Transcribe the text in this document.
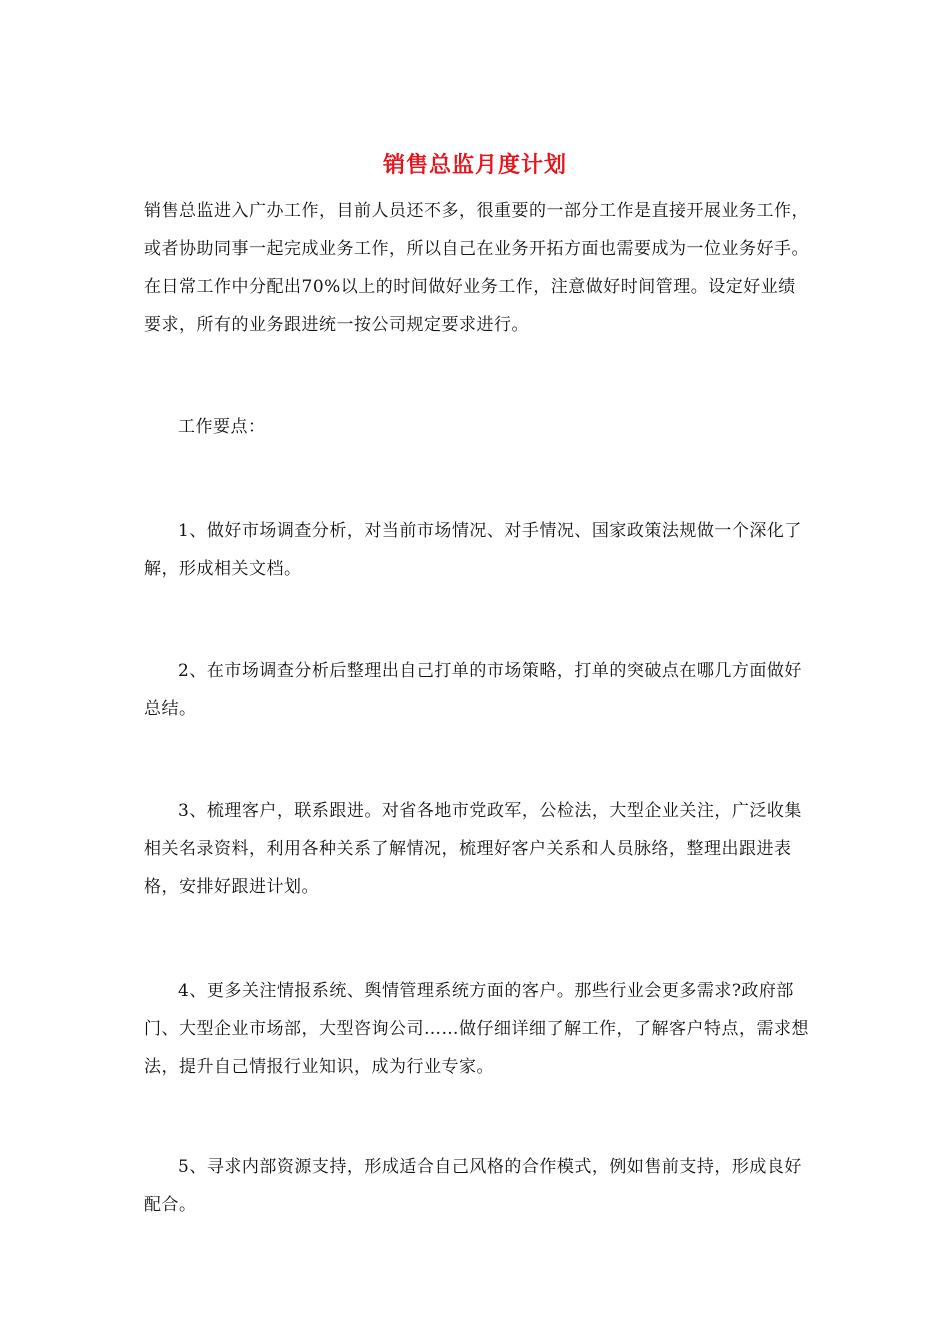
销售总监月度计划

销售总监进入广办工作，目前人员还不多，很重要的一部分工作是直接开展业务工作，或者协助同事一起完成业务工作，所以自己在业务开拓方面也需要成为一位业务好手。在日常工作中分配出70%以上的时间做好业务工作，注意做好时间管理。设定好业绩要求，所有的业务跟进统一按公司规定要求进行。

工作要点：

1、做好市场调查分析，对当前市场情况、对手情况、国家政策法规做一个深化了解，形成相关文档。

2、在市场调查分析后整理出自己打单的市场策略，打单的突破点在哪几方面做好总结。

3、梳理客户，联系跟进。对省各地市党政军，公检法，大型企业关注，广泛收集相关名录资料，利用各种关系了解情况，梳理好客户关系和人员脉络，整理出跟进表格，安排好跟进计划。

4、更多关注情报系统、舆情管理系统方面的客户。那些行业会更多需求?政府部门、大型企业市场部，大型咨询公司……做仔细详细了解工作，了解客户特点，需求想法，提升自己情报行业知识，成为行业专家。

5、寻求内部资源支持，形成适合自己风格的合作模式，例如售前支持，形成良好配合。
